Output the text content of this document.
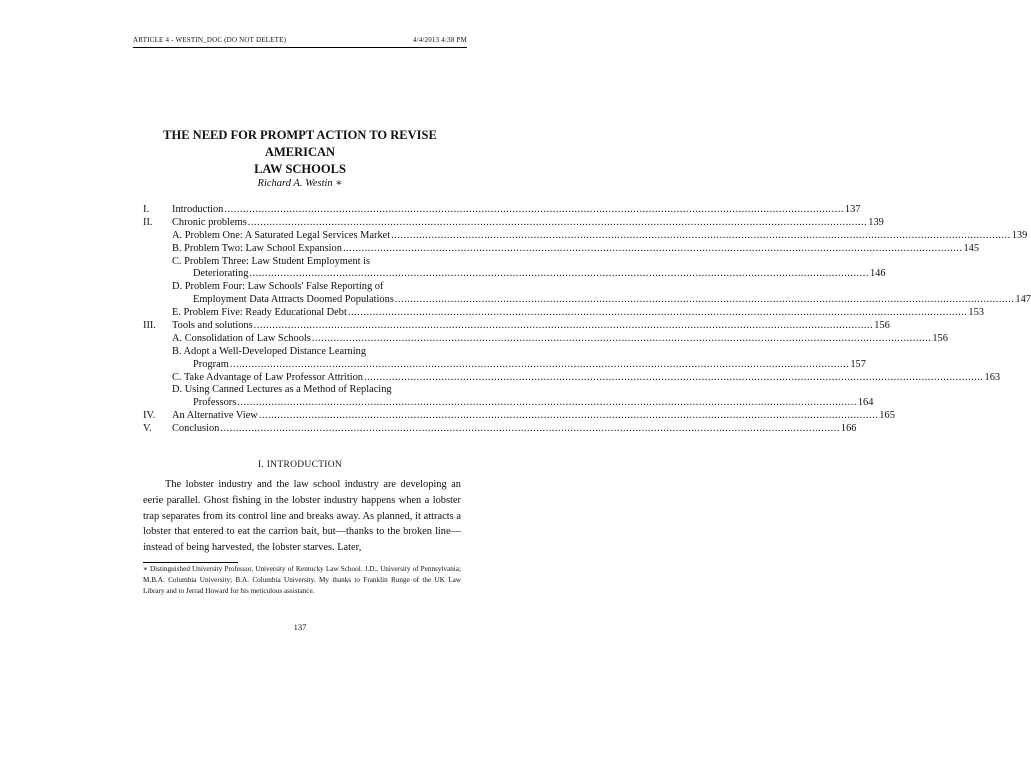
ARTICLE 4 - WESTIN_DOC (DO NOT DELETE)	4/4/2013 4:38 PM
THE NEED FOR PROMPT ACTION TO REVISE AMERICAN
LAW SCHOOLS
Richard A. Westin ∗
I. Introduction ........................................................................................................................................................................................................ 137
II. Chronic problems ........................................................................................................................................................................................................ 139
A. Problem One: A Saturated Legal Services Market ........................................................................................................................................................................................................ 139
B. Problem Two: Law School Expansion ........................................................................................................................................................................................................ 145
C. Problem Three: Law Student Employment is
Deteriorating ........................................................................................................................................................................................................ 146
D. Problem Four: Law Schools' False Reporting of
Employment Data Attracts Doomed Populations ........................................................................................................................................................................................................ 147
E. Problem Five: Ready Educational Debt ........................................................................................................................................................................................................ 153
III. Tools and solutions ........................................................................................................................................................................................................ 156
A. Consolidation of Law Schools ........................................................................................................................................................................................................ 156
B. Adopt a Well-Developed Distance Learning
Program ........................................................................................................................................................................................................ 157
C. Take Advantage of Law Professor Attrition ........................................................................................................................................................................................................ 163
D. Using Canned Lectures as a Method of Replacing
Professors ........................................................................................................................................................................................................ 164
IV. An Alternative View ........................................................................................................................................................................................................ 165
V. Conclusion ........................................................................................................................................................................................................ 166
I. INTRODUCTION

The lobster industry and the law school industry are developing an eerie parallel. Ghost fishing in the lobster industry happens when a lobster trap separates from its control line and breaks away. As planned, it attracts a lobster that entered to eat the carrion bait, but—thanks to the broken line—instead of being harvested, the lobster starves. Later,

∗ Distinguished University Professor, University of Kentucky Law School. J.D., University of Pennsylvania; M.B.A. Columbia University; B.A. Columbia University. My thanks to Franklin Runge of the UK Law Library and to Jerrad Howard for his meticulous assistance.

137
